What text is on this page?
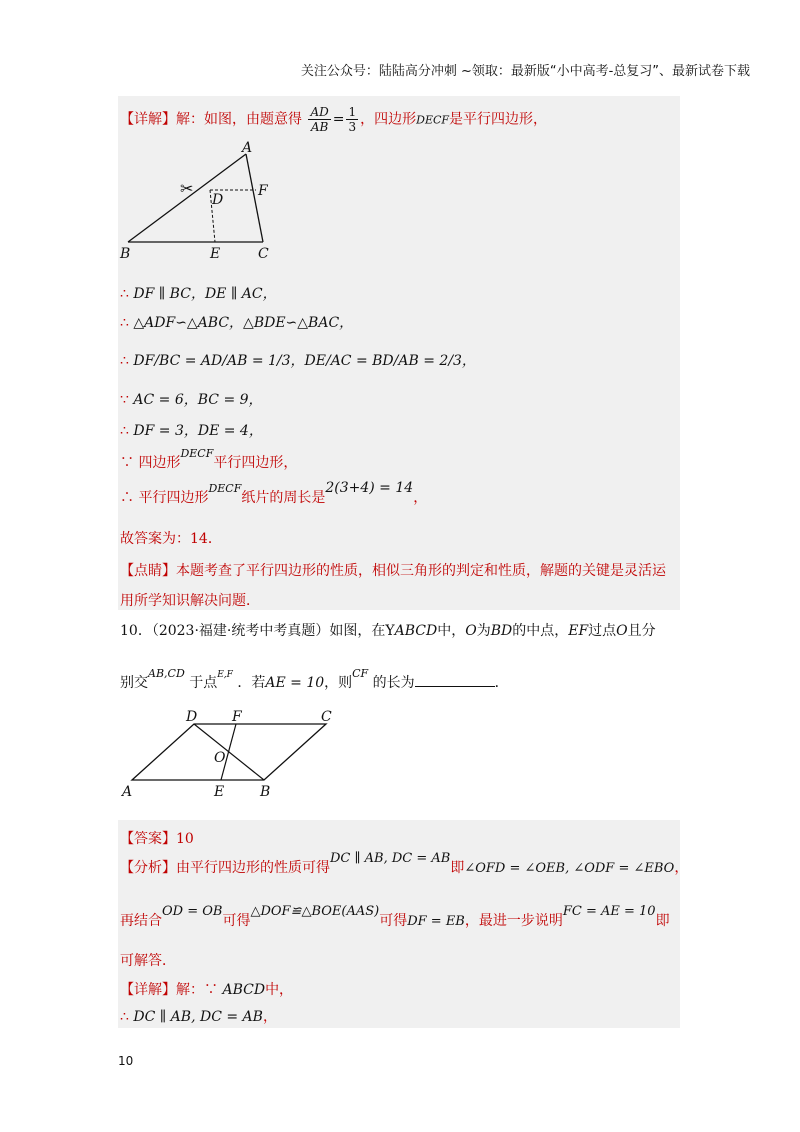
关注公众号：陆陆高分冲刺 ~领取：最新版“小中高考-总复习”、最新试卷下载
【详解】解：如图，由题意得 $\frac{AD}{AB} = \frac{1}{3}$ ，四边形DECF是平行四边形，
A
B	C
D
E
F
✂
∴ DF ∥ BC，DE ∥ AC，
∴ △ADF∽△ABC，△BDE∽△BAC，
∴ DF/BC = AD/AB = 1/3，DE/AC = BD/AB = 2/3，
∵ AC = 6，BC = 9，
∴ DF = 3，DE = 4，
∵ 四边形$^{DECF}$平行四边形，
∴ 平行四边形$^{DECF}$纸片的周长是2(3+4) = 14，
故答案为：14．
【点睛】本题考查了平行四边形的性质，相似三角形的判定和性质，解题的关键是灵活运
用所学知识解决问题．
10．（2023·福建·统考中考真题）如图，在YABCD中，O为BD的中点，EF过点O且分
别交$^{AB,CD}$ 于点$^{E,F}$ ．若AE = 10，则$^{CF}$ 的长为	．
D F	C
O
A	E	B
【答案】10
【分析】由平行四边形的性质可得DC ∥ AB, DC = AB即∠OFD = ∠OEB, ∠ODF = ∠EBO，
再结合OD = OB可得△DOF≌△BOE(AAS)可得DF = EB，最进一步说明FC = AE = 10即
可解答．
【详解】解：∵ ABCD中，
∴ DC ∥ AB, DC = AB，
10
